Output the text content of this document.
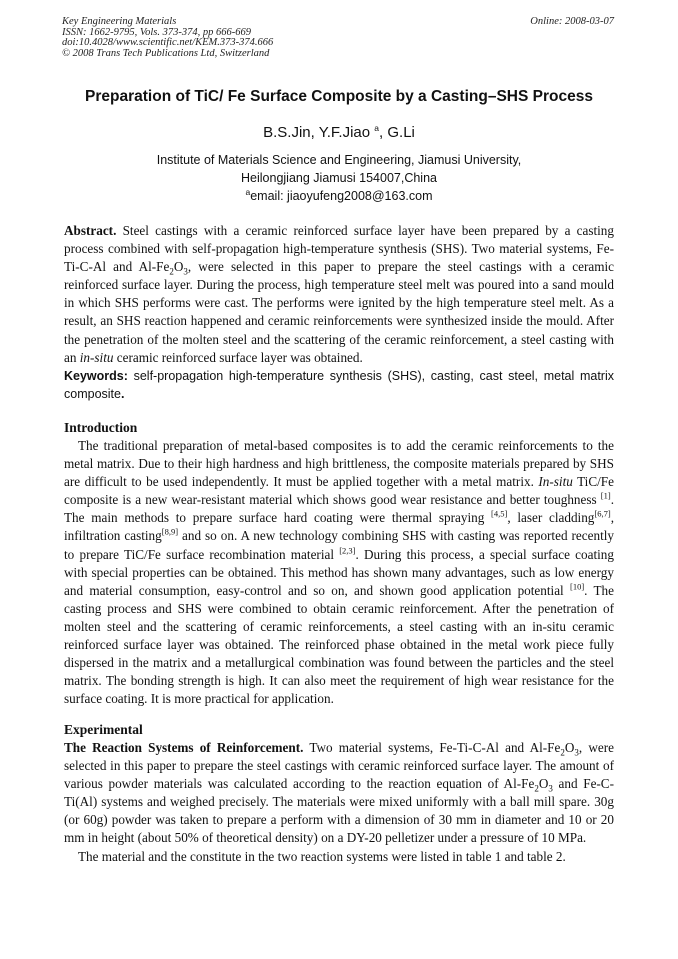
Key Engineering Materials
ISSN: 1662-9795, Vols. 373-374, pp 666-669
doi:10.4028/www.scientific.net/KEM.373-374.666
© 2008 Trans Tech Publications Ltd, Switzerland
Online: 2008-03-07
Preparation of TiC/ Fe Surface Composite by a Casting–SHS Process
B.S.Jin, Y.F.Jiao $^a$, G.Li
Institute of Materials Science and Engineering, Jiamusi University,
Heilongjiang Jiamusi 154007,China
$^a$email: jiaoyufeng2008@163.com

Abstract. Steel castings with a ceramic reinforced surface layer have been prepared by a casting process combined with self-propagation high-temperature synthesis (SHS). Two material systems, Fe-Ti-C-Al and $Al-Fe_2O_3$, were selected in this paper to prepare the steel castings with a ceramic reinforced surface layer. During the process, high temperature steel melt was poured into a sand mould in which SHS performs were cast. The performs were ignited by the high temperature steel melt. As a result, an SHS reaction happened and ceramic reinforcements were synthesized inside the mould. After the penetration of the molten steel and the scattering of the ceramic reinforcement, a steel casting with an in-situ ceramic reinforced surface layer was obtained.

Keywords: self-propagation high-temperature synthesis (SHS), casting, cast steel, metal matrix composite.

Introduction

The traditional preparation of metal-based composites is to add the ceramic reinforcements to the metal matrix. Due to their high hardness and high brittleness, the composite materials prepared by SHS are difficult to be used independently. It must be applied together with a metal matrix. In-situ TiC/Fe composite is a new wear-resistant material which shows good wear resistance and better toughness [1]. The main methods to prepare surface hard coating were thermal spraying [4,5], laser cladding[6,7], infiltration casting[8,9] and so on. A new technology combining SHS with casting was reported recently to prepare TiC/Fe surface recombination material [2,3]. During this process, a special surface coating with special properties can be obtained. This method has shown many advantages, such as low energy and material consumption, easy-control and so on, and shown good application potential [10]. The casting process and SHS were combined to obtain ceramic reinforcement. After the penetration of molten steel and the scattering of ceramic reinforcements, a steel casting with an in-situ ceramic reinforced surface layer was obtained. The reinforced phase obtained in the metal work piece fully dispersed in the matrix and a metallurgical combination was found between the particles and the steel matrix. The bonding strength is high. It can also meet the requirement of high wear resistance for the surface coating. It is more practical for application.

Experimental

The Reaction Systems of Reinforcement. Two material systems, Fe-Ti-C-Al and $Al-Fe_2O_3$, were selected in this paper to prepare the steel castings with ceramic reinforced surface layer. The amount of various powder materials was calculated according to the reaction equation of $Al-Fe_2O_3$ and Fe-C-Ti(Al) systems and weighed precisely. The materials were mixed uniformly with a ball mill spare. 30g (or 60g) powder was taken to prepare a perform with a dimension of 30 mm in diameter and 10 or 20 mm in height (about 50% of theoretical density) on a DY-20 pelletizer under a pressure of 10 MPa.

The material and the constitute in the two reaction systems were listed in table 1 and table 2.
